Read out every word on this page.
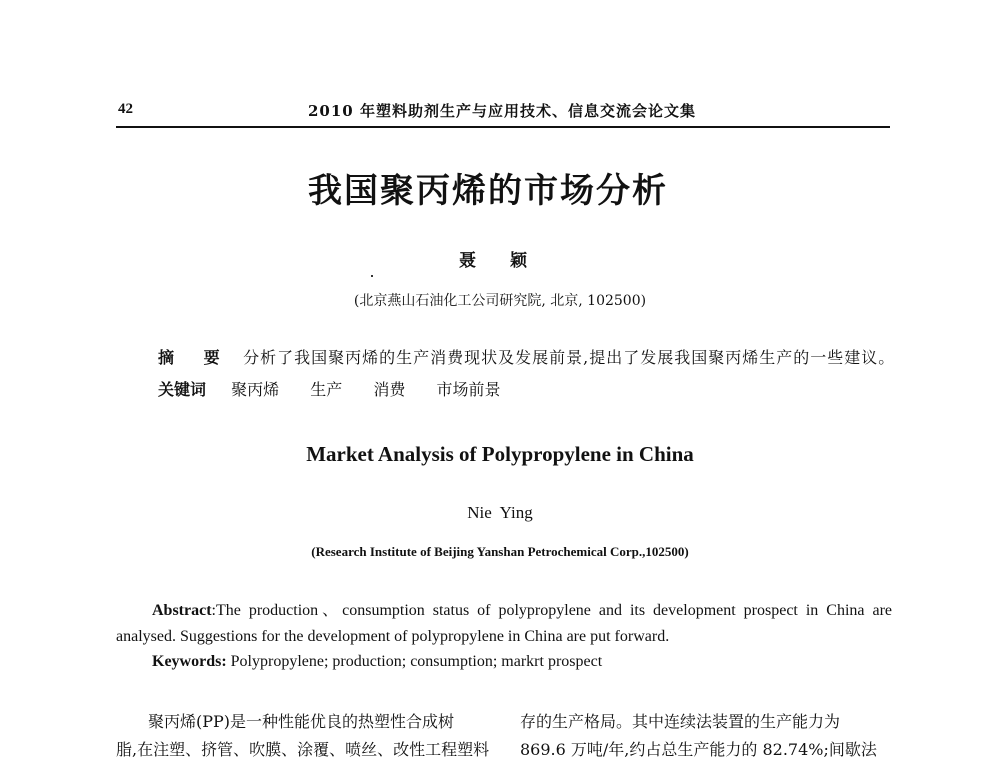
42	2010 年塑料助剂生产与应用技术、信息交流会论文集
我国聚丙烯的市场分析
聂 颖
(北京燕山石油化工公司研究院, 北京, 102500)
摘 要 分析了我国聚丙烯的生产消费现状及发展前景,提出了发展我国聚丙烯生产的一些建议。
关键词 聚丙烯 生产 消费 市场前景
Market Analysis of Polypropylene in China
Nie  Ying
(Research Institute of Beijing Yanshan Petrochemical Corp.,102500)
Abstract:The production、consumption status of polypropylene and its development prospect in China are analysed. Suggestions for the development of polypropylene in China are put forward.
Keywords: Polypropylene; production; consumption; markrt prospect
聚丙烯(PP)是一种性能优良的热塑性合成树
脂,在注塑、挤管、吹膜、涂覆、喷丝、改性工程塑料
存的生产格局。其中连续法装置的生产能力为
869.6 万吨/年,约占总生产能力的 82.74%;间歇法
